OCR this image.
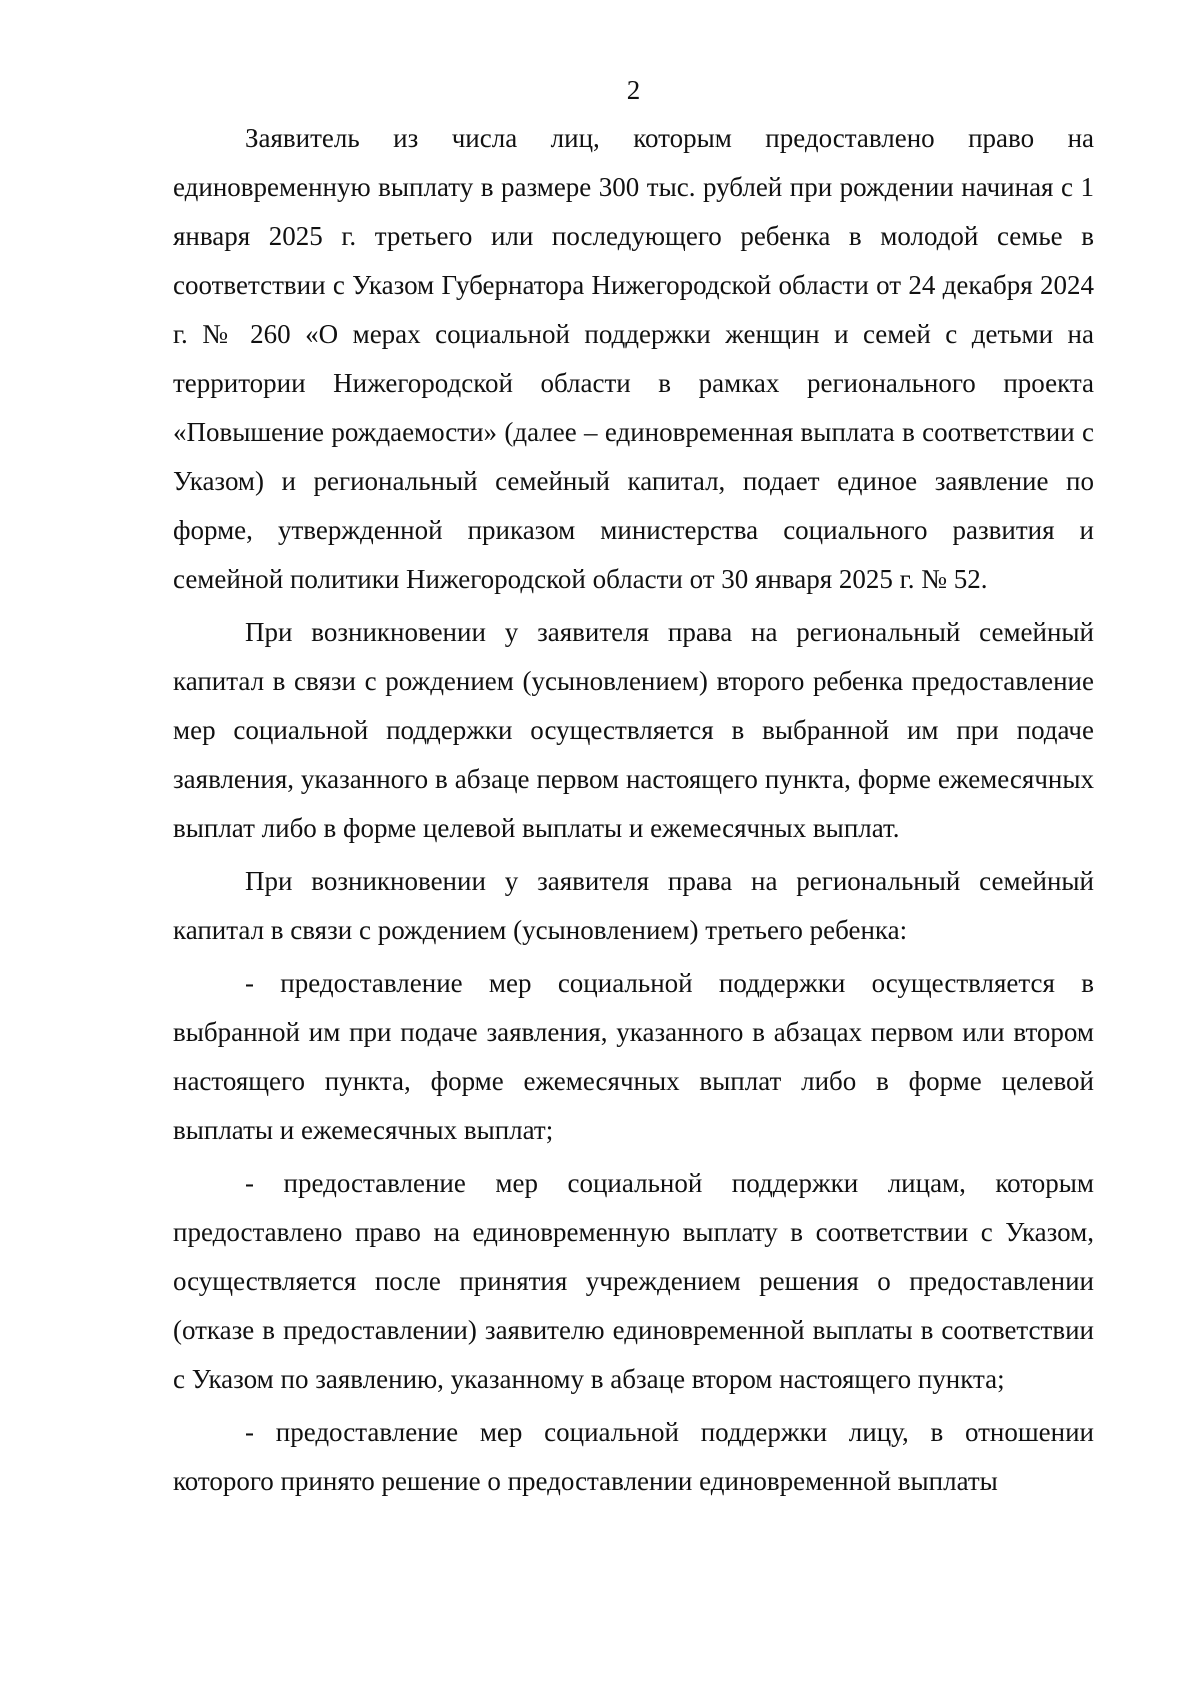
2

Заявитель из числа лиц, которым предоставлено право на единовременную выплату в размере 300 тыс. рублей при рождении начиная с 1 января 2025 г. третьего или последующего ребенка в молодой семье в соответствии с Указом Губернатора Нижегородской области от 24 декабря 2024 г. № 260 «О мерах социальной поддержки женщин и семей с детьми на территории Нижегородской области в рамках регионального проекта «Повышение рождаемости» (далее – единовременная выплата в соответствии с Указом) и региональный семейный капитал, подает единое заявление по форме, утвержденной приказом министерства социального развития и семейной политики Нижегородской области от 30 января 2025 г. № 52.

При возникновении у заявителя права на региональный семейный капитал в связи с рождением (усыновлением) второго ребенка предоставление мер социальной поддержки осуществляется в выбранной им при подаче заявления, указанного в абзаце первом настоящего пункта, форме ежемесячных выплат либо в форме целевой выплаты и ежемесячных выплат.

При возникновении у заявителя права на региональный семейный капитал в связи с рождением (усыновлением) третьего ребенка:

- предоставление мер социальной поддержки осуществляется в выбранной им при подаче заявления, указанного в абзацах первом или втором настоящего пункта, форме ежемесячных выплат либо в форме целевой выплаты и ежемесячных выплат;

- предоставление мер социальной поддержки лицам, которым предоставлено право на единовременную выплату в соответствии с Указом, осуществляется после принятия учреждением решения о предоставлении (отказе в предоставлении) заявителю единовременной выплаты в соответствии с Указом по заявлению, указанному в абзаце втором настоящего пункта;

- предоставление мер социальной поддержки лицу, в отношении которого принято решение о предоставлении единовременной выплаты
